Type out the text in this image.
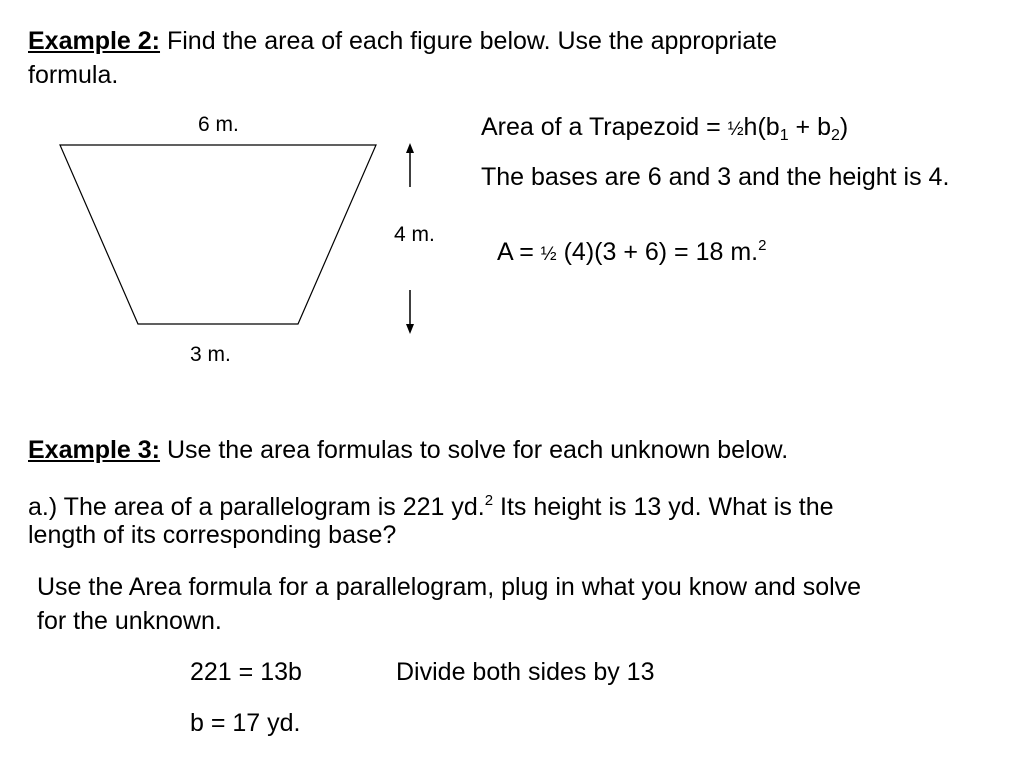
Example 2: Find the area of each figure below. Use the appropriate

formula.

6 m.

3 m.

4 m.

Area of a Trapezoid = $\frac{1}{2}h(b_1 + b_2)$

The bases are 6 and 3 and the height is 4.

A = ½ (4)(3 + 6) = 18 m.$^2$

Example 3: Use the area formulas to solve for each unknown below.

a.) The area of a parallelogram is 221 yd.$^2$ Its height is 13 yd. What is the

length of its corresponding base?

Use the Area formula for a parallelogram, plug in what you know and solve

for the unknown.

221 = 13b	Divide both sides by 13

b = 17 yd.
